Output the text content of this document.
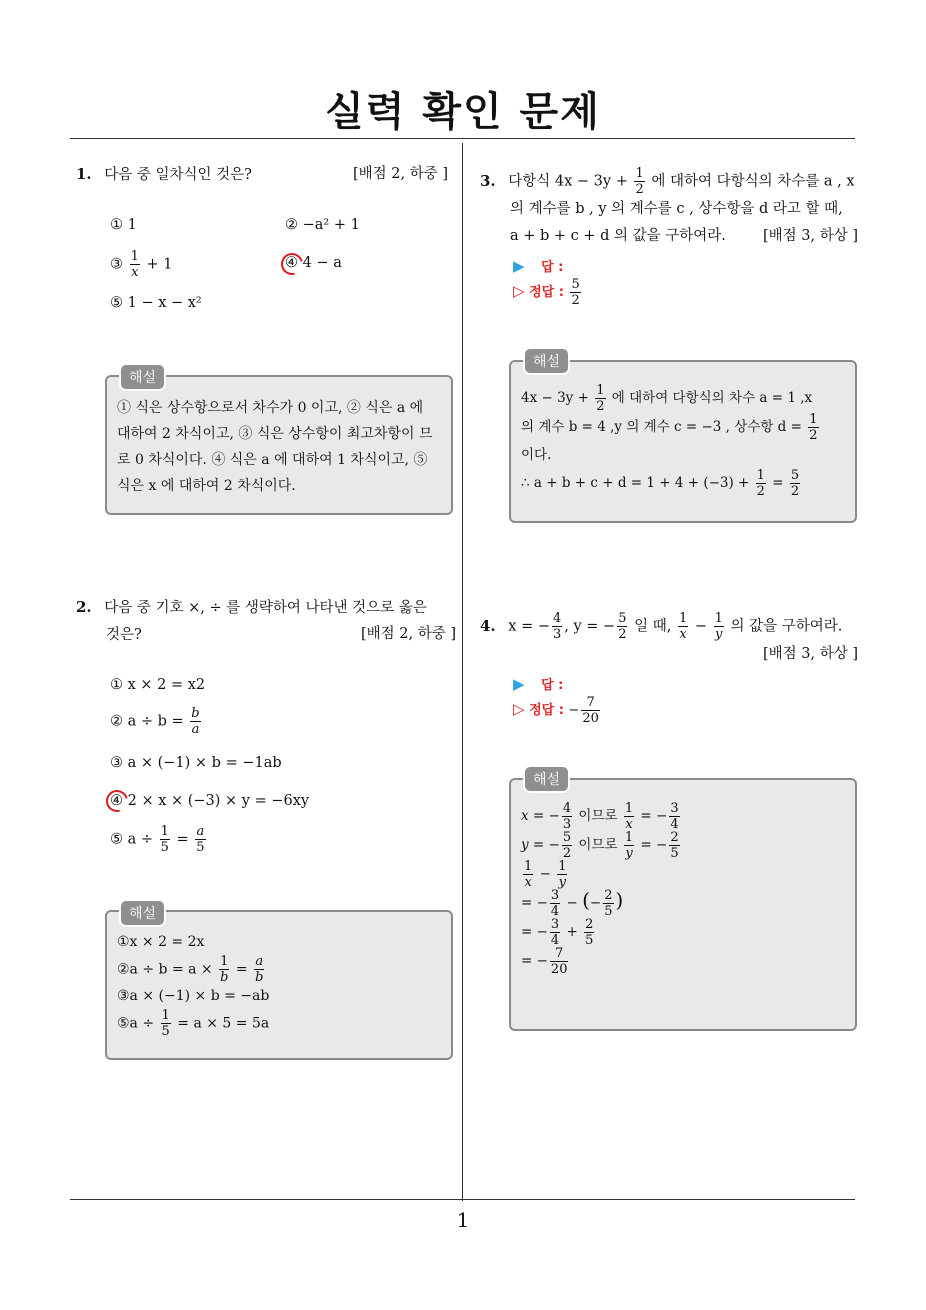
실력 확인 문제
1
1. 다음 중 일차식인 것은?	[배점 2, 하중 ]
① 1	② −a² + 1
③ $\frac{1}{x} + 1$	④ 4 − a
⑤ 1 − x − x²
① 식은 상수항으로서 차수가 0 이고, ② 식은 a 에 대하여 2 차식이고, ③ 식은 상수항이 최고차항이 므로 0 차식이다. ④ 식은 a 에 대하여 1 차식이고, ⑤ 식은 x 에 대하여 2 차식이다.
해설
2. 다음 중 기호 ×, ÷ 를 생략하여 나타낸 것으로 옳은
것은?	[배점 2, 하중 ]
① x × 2 = x2
② $a \div b = \frac{b}{a}$
③ a × (−1) × b = −1ab
④ 2 × x × (−3) × y = −6xy
⑤ $a \div \frac{1}{5} = \frac{a}{5}$
①x × 2 = 2x
②a ÷ $b = a \times \frac{1}{b} = \frac{a}{b}$
③a × (−1) × b = −ab
⑤a ÷ $\frac{1}{5} = a \times 5 = 5a$
해설
3. 다항식 $4x - 3y + \frac{1}{2}$ 에 대하여 다항식의 차수를 a , x
의 계수를 b , y 의 계수를 c , 상수항을 d 라고 할 때,
a + b + c + d 의 값을 구하여라.	[배점 3, 하상 ]
▶ 답 :
▷ 정답 : $\frac{5}{2}$
$4x - 3y + \frac{1}{2}$ 에 대하여 다항식의 차수 a = 1 ,x
의 계수 b = 4 ,y 의 계수 c = −3 , 상수항 $d = \frac{1}{2}$
이다.
∴ $a + b + c + d = 1 + 4 + (-3) + \frac{1}{2} = \frac{5}{2}$
해설
4. x = − $\frac{4}{3}$ , y = − $\frac{5}{2}$ 일 때, $\frac{1}{x} - \frac{1}{y}$ 의 값을 구하여라.
[배점 3, 하상 ]
▶ 답 :
▷ 정답 : − $\frac{7}{20}$
x = − $\frac{4}{3}$ 이므로 $\frac{1}{x}$ = − $\frac{3}{4}$
y = − $\frac{5}{2}$ 이므로 $\frac{1}{y}$ = − $\frac{2}{5}$
$\frac{1}{x} - \frac{1}{y}$
= − $\frac{3}{4}$ − (− $\frac{2}{5}$ )
= − $\frac{3}{4} + \frac{2}{5}$
= − $\frac{7}{20}$
해설
